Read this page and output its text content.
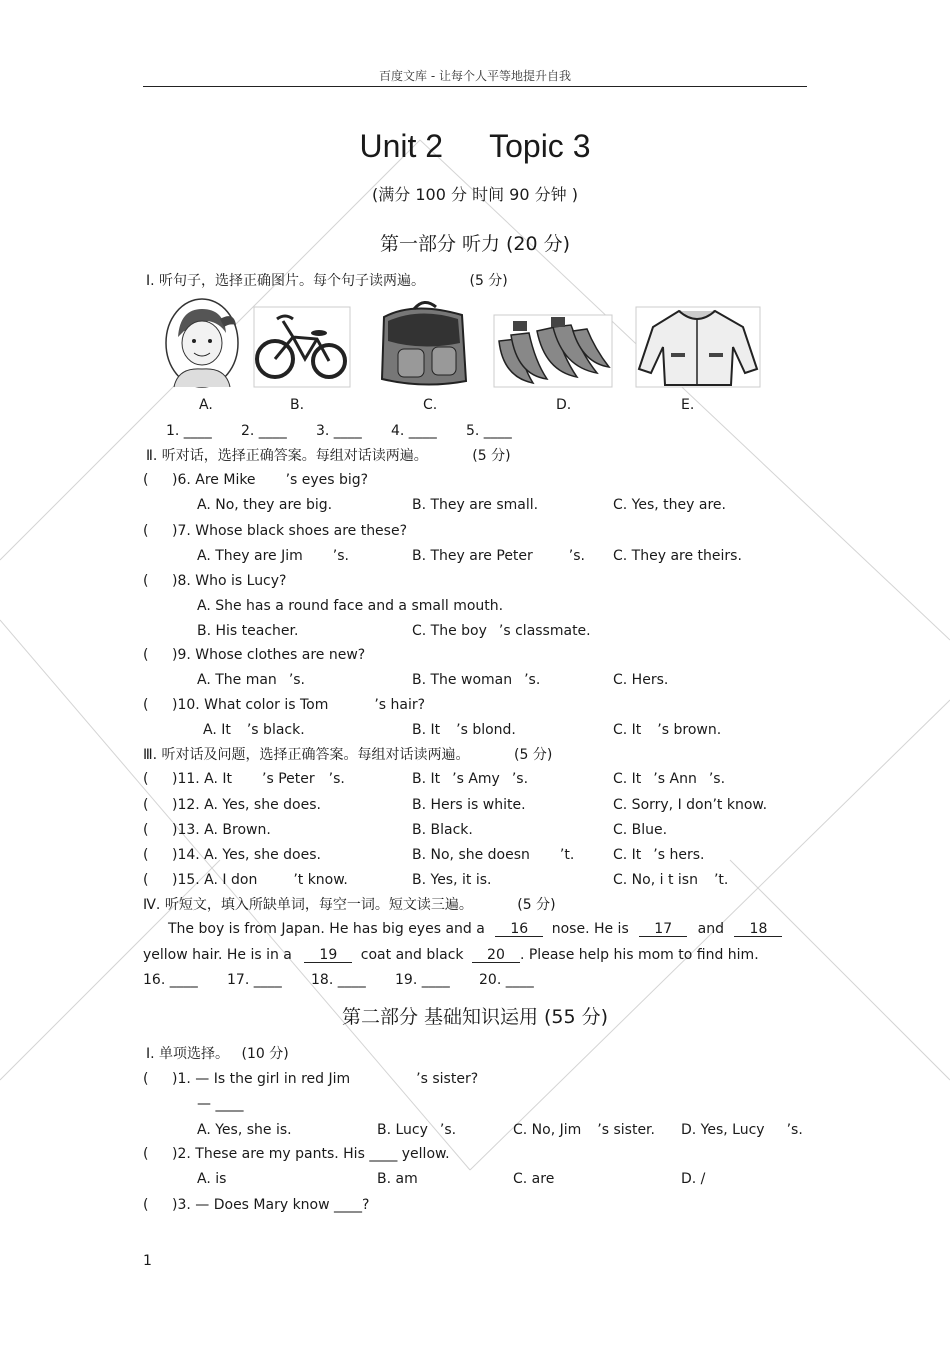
百度文库 - 让每个人平等地提升自我
Unit 2 Topic 3
(满分 100 分 时间 90 分钟 )
第一部分 听力 (20 分)
Ⅰ. 听句子，选择正确图片。每个句子读两遍。	(5 分)
A.	B.	C.	D.	E.
1. ____ 2. ____ 3. ____ 4. ____ 5. ____
Ⅱ. 听对话，选择正确答案。每组对话读两遍。	(5 分)
( )6. Are Mike ’s eyes big?
A. No, they are big.	B. They are small.	C. Yes, they are.
( )7. Whose black shoes are these?
A. They are Jim ’s.	B. They are Peter	’s. C. They are theirs.
( )8. Who is Lucy?
A. She has a round face and a small mouth.
B. His teacher.	C. The boy ’s classmate.
( )9. Whose clothes are new?
A. The man ’s.	B. The woman ’s.	C. Hers.
( )10. What color is Tom	’s hair?
A. It ’s black.	B. It ’s blond.	C. It ’s brown.
Ⅲ. 听对话及问题，选择正确答案。每组对话读两遍。	(5 分)
( )11. A. It ’s Peter ’s.	B. It ’s Amy ’s.	C. It ’s Ann ’s.
( )12. A. Yes, she does.	B. Hers is white.	C. Sorry, I don’t know.
( )13. A. Brown.	B. Black.	C. Blue.
( )14. A. Yes, she does.	B. No, she doesn ’t.	C. It ’s hers.
( )15. A. I don	’t know.	B. Yes, it is.	C. No, i t isn ’t.
Ⅳ. 听短文，填入所缺单词，每空一词。短文读三遍。	(5 分)
The boy is from Japan. He has big eyes and a 16 nose. He is 17 and 18
yellow hair. He is in a 19 coat and black 20 . Please help his mom to find him.
16. ____ 17. ____ 18. ____ 19. ____ 20. ____
第二部分 基础知识运用 (55 分)
Ⅰ. 单项选择。 (10 分)
( )1. — Is the girl in red Jim	’s sister?
— ____
A. Yes, she is.	B. Lucy ’s.	C. No, Jim ’s sister. D. Yes, Lucy ’s.
( )2. These are my pants. His ____ yellow.
A. is	B. am	C. are	D. /
( )3. — Does Mary know ____?
1
